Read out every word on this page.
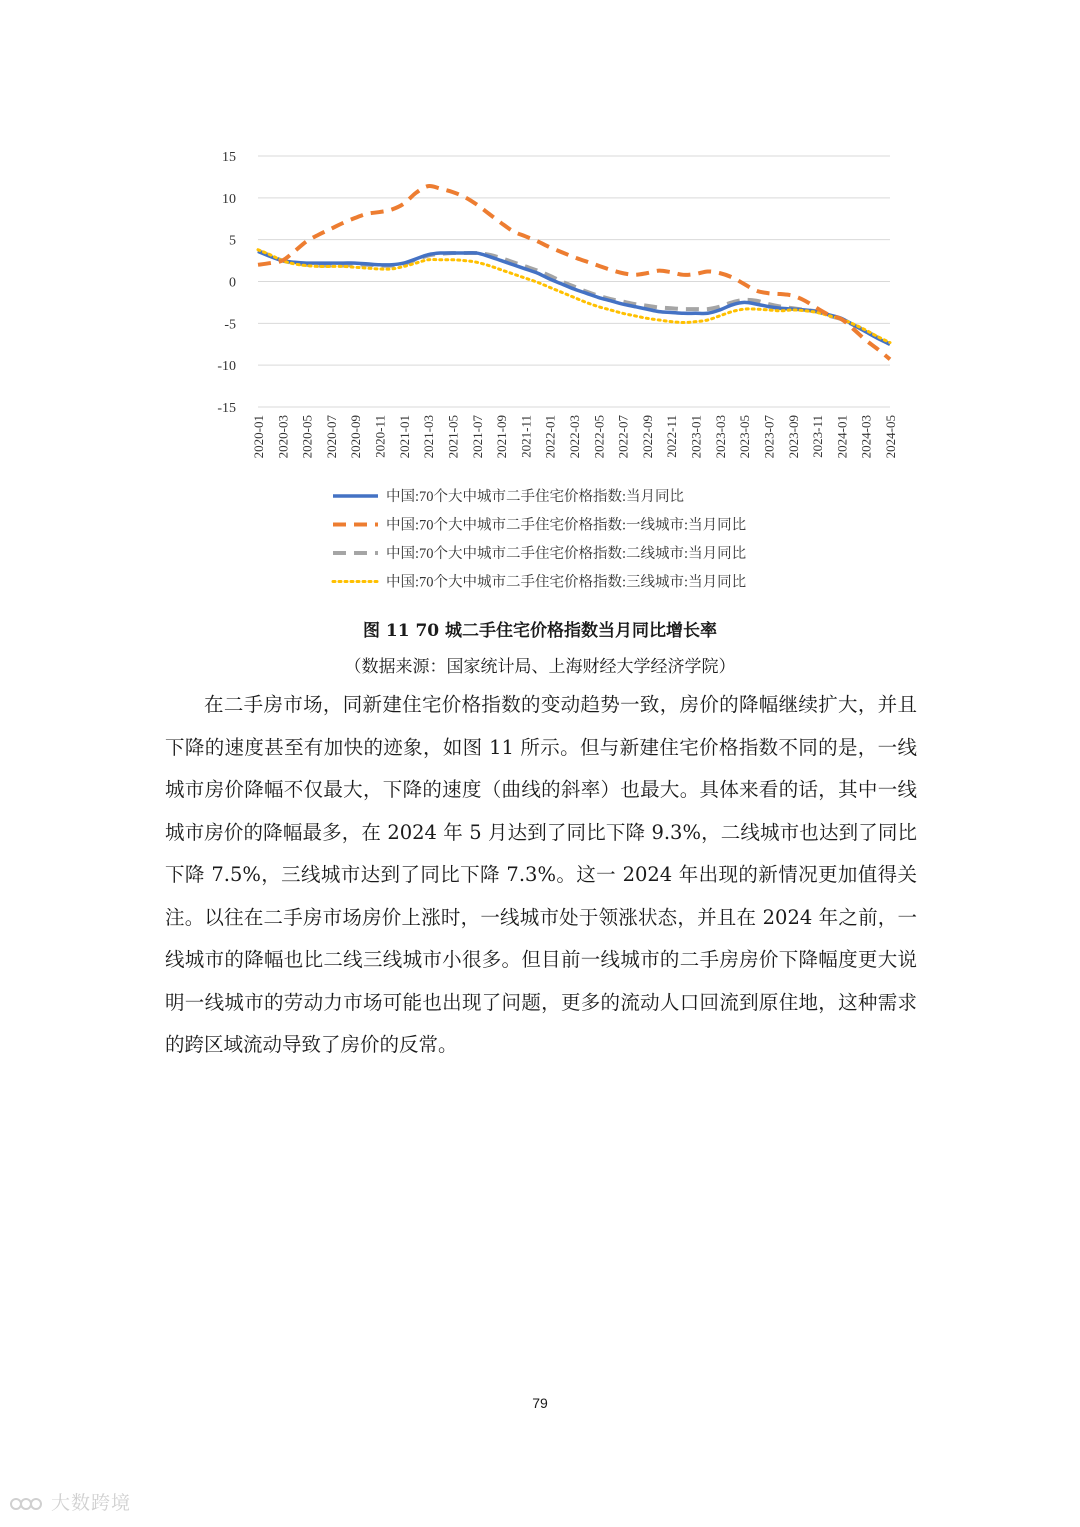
15
10
5
0
-5
-10
-15
2020-01 2020-03 2020-05 2020-07 2020-09 2020-11 2021-01 2021-03 2021-05 2021-07 2021-09 2021-11 2022-01 2022-03 2022-05 2022-07 2022-09 2022-11 2023-01 2023-03 2023-05 2023-07 2023-09 2023-11 2024-01 2024-03 2024-05
中国:70个大中城市二手住宅价格指数:当月同比
中国:70个大中城市二手住宅价格指数:一线城市:当月同比
中国:70个大中城市二手住宅价格指数:二线城市:当月同比
中国:70个大中城市二手住宅价格指数:三线城市:当月同比
图 11 70 城二手住宅价格指数当月同比增长率
（数据来源：国家统计局、上海财经大学经济学院）

在二手房市场，同新建住宅价格指数的变动趋势一致，房价的降幅继续扩大，并且下降的速度甚至有加快的迹象，如图 11 所示。但与新建住宅价格指数不同的是，一线城市房价降幅不仅最大，下降的速度（曲线的斜率）也最大。具体来看的话，其中一线城市房价的降幅最多，在 2024 年 5 月达到了同比下降 9.3%，二线城市也达到了同比下降 7.5%，三线城市达到了同比下降 7.3%。这一 2024 年出现的新情况更加值得关注。以往在二手房市场房价上涨时，一线城市处于领涨状态，并且在 2024 年之前，一线城市的降幅也比二线三线城市小很多。但目前一线城市的二手房房价下降幅度更大说明一线城市的劳动力市场可能也出现了问题，更多的流动人口回流到原住地，这种需求的跨区域流动导致了房价的反常。

79
大数跨境
